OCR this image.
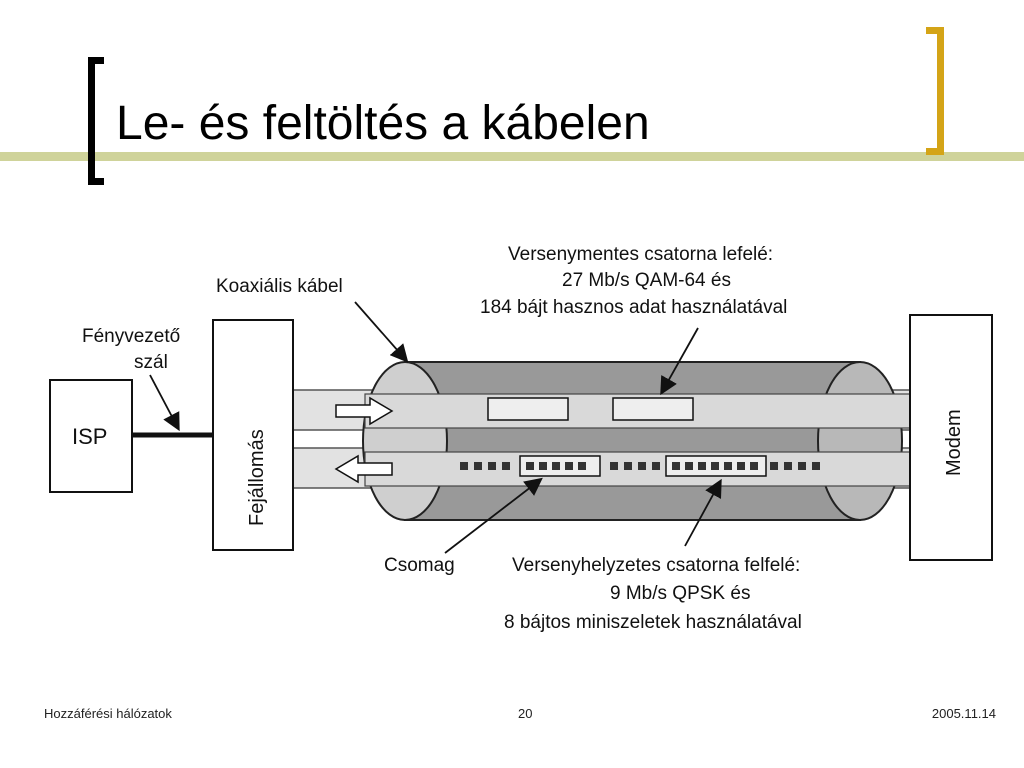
Le- és feltöltés a kábelen
ISP	Fejállomás	Modem
Fényvezető
szál
Koaxiális kábel
Versenymentes csatorna lefelé:
27 Mb/s QAM-64 és
184 bájt hasznos adat használatával
Csomag	Versenyhelyzetes csatorna felfelé:
9 Mb/s QPSK és
8 bájtos miniszeletek használatával
Hozzáférési hálózatok	20	2005.11.14
